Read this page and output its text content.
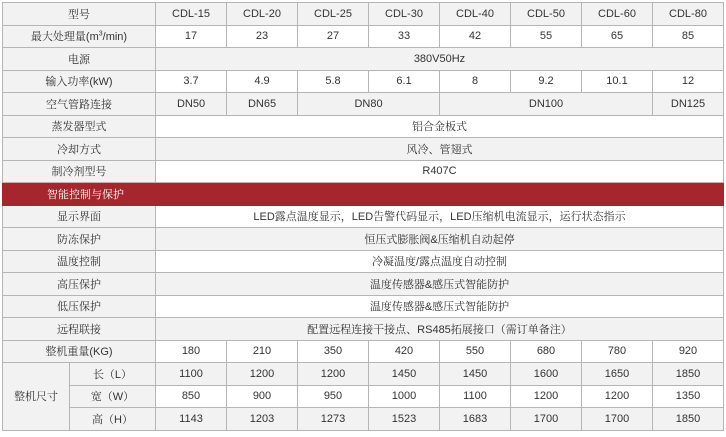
型号		CDL-15	CDL-20	CDL-25	CDL-30	CDL-40	CDL-50	CDL-60	CDL-80
最大处理量$(m^3/\min)$		17	23	27	33	42	55	65	85
电源		380V50Hz							
输入功率(kW)		3.7	4.9	5.8	6.1	8	9.2	10.1	12
空气管路连接		DN50	DN65	DN80		DN100			DN125
蒸发器型式		铝合金板式							
冷却方式		风冷、管翅式							
制冷剂型号		R407C							
智能控制与保护									
显示界面		LED露点温度显示，LED告警代码显示，LED压缩机电流显示，运行状态指示							
防冻保护		恒压式膨胀阀&压缩机自动起停							
温度控制		冷凝温度/露点温度自动控制							
高压保护		温度传感器&感压式智能防护							
低压保护		温度传感器&感压式智能防护							
远程联接		配置远程连接干接点、RS485拓展接口（需订单备注）							
整机重量(KG)		180	210	350	420	550	680	780	920
整机尺寸	长（L）	1100	1200	1200	1450	1450	1600	1650	1850
	宽（W）	850	900	950	1000	1100	1200	1200	1350
	高（H）	1143	1203	1273	1523	1683	1700	1700	1850
